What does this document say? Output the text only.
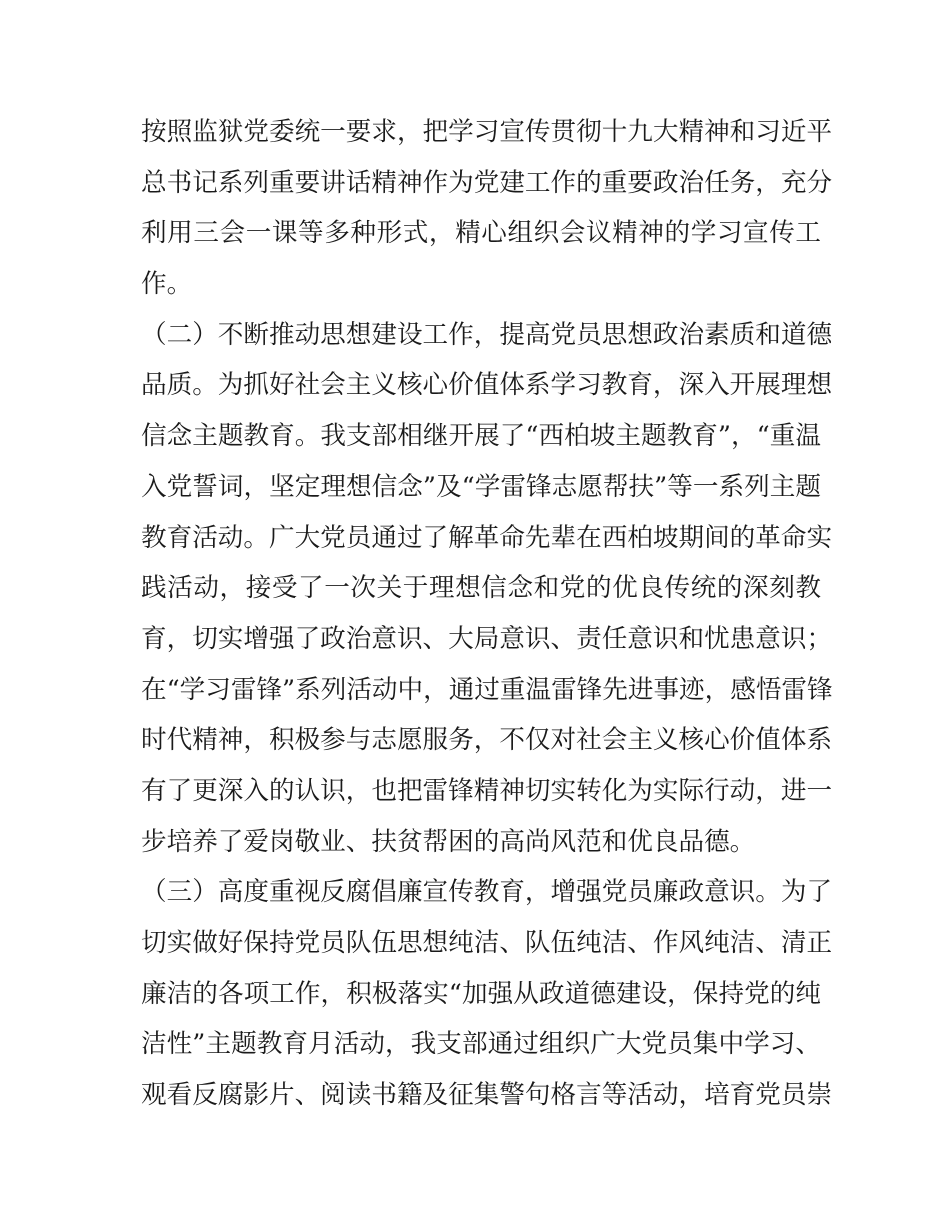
按照监狱党委统一要求，把学习宣传贯彻十九大精神和习近平
总书记系列重要讲话精神作为党建工作的重要政治任务，充分
利用三会一课等多种形式，精心组织会议精神的学习宣传工
作。
（二）不断推动思想建设工作，提高党员思想政治素质和道德
品质。为抓好社会主义核心价值体系学习教育，深入开展理想
信念主题教育。我支部相继开展了“西柏坡主题教育”，“重温
入党誓词，坚定理想信念”及“学雷锋志愿帮扶”等一系列主题
教育活动。广大党员通过了解革命先辈在西柏坡期间的革命实
践活动，接受了一次关于理想信念和党的优良传统的深刻教
育，切实增强了政治意识、大局意识、责任意识和忧患意识；
在“学习雷锋”系列活动中，通过重温雷锋先进事迹，感悟雷锋
时代精神，积极参与志愿服务，不仅对社会主义核心价值体系
有了更深入的认识，也把雷锋精神切实转化为实际行动，进一
步培养了爱岗敬业、扶贫帮困的高尚风范和优良品德。
（三）高度重视反腐倡廉宣传教育，增强党员廉政意识。为了
切实做好保持党员队伍思想纯洁、队伍纯洁、作风纯洁、清正
廉洁的各项工作，积极落实“加强从政道德建设，保持党的纯
洁性”主题教育月活动，我支部通过组织广大党员集中学习、
观看反腐影片、阅读书籍及征集警句格言等活动，培育党员崇
